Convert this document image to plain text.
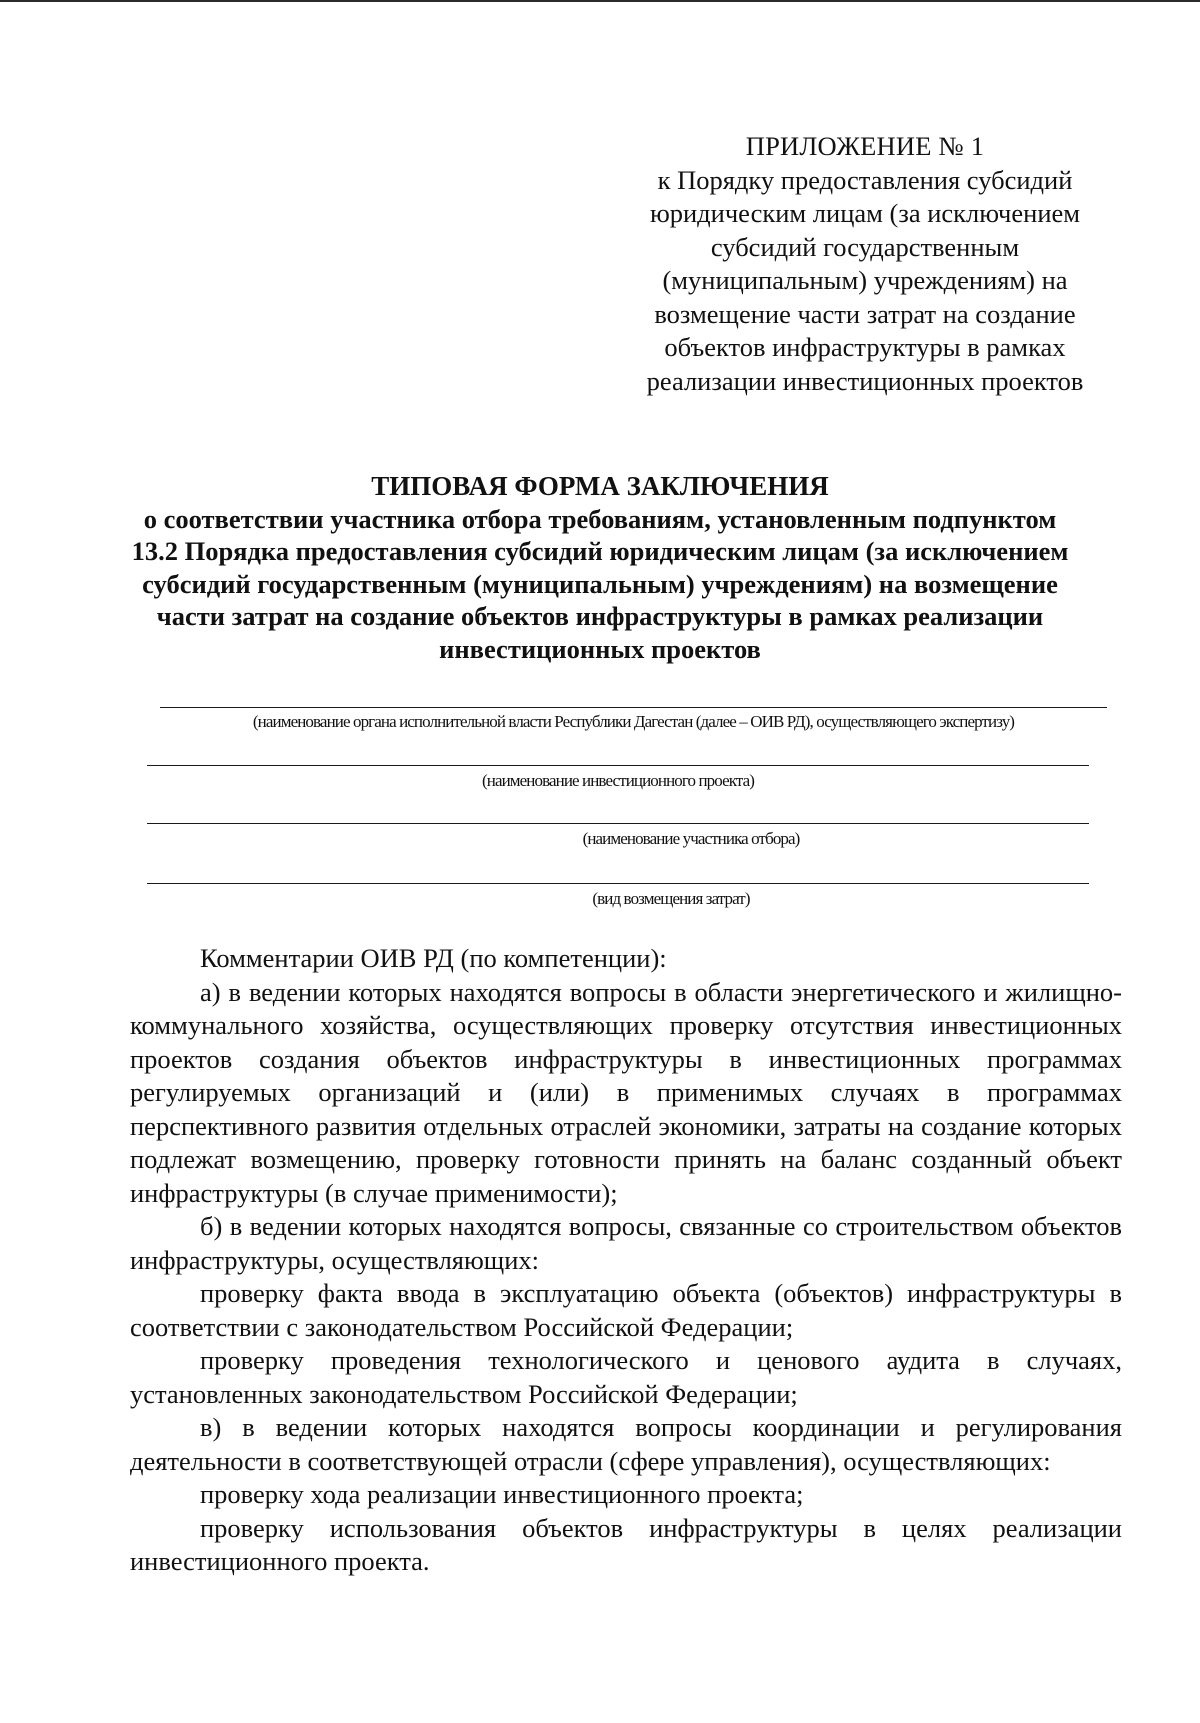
ПРИЛОЖЕНИЕ № 1
к Порядку предоставления субсидий юридическим лицам (за исключением субсидий государственным (муниципальным) учреждениям) на возмещение части затрат на создание объектов инфраструктуры в рамках реализации инвестиционных проектов
ТИПОВАЯ ФОРМА ЗАКЛЮЧЕНИЯ
о соответствии участника отбора требованиям, установленным подпунктом 13.2 Порядка предоставления субсидий юридическим лицам (за исключением субсидий государственным (муниципальным) учреждениям) на возмещение части затрат на создание объектов инфраструктуры в рамках реализации инвестиционных проектов
(наименование органа исполнительной власти Республики Дагестан (далее – ОИВ РД), осуществляющего экспертизу)
(наименование инвестиционного проекта)
(наименование участника отбора)
(вид возмещения затрат)

Комментарии ОИВ РД (по компетенции):

а) в ведении которых находятся вопросы в области энергетического и жилищно-коммунального хозяйства, осуществляющих проверку отсутствия инвестиционных проектов создания объектов инфраструктуры в инвестиционных программах регулируемых организаций и (или) в применимых случаях в программах перспективного развития отдельных отраслей экономики, затраты на создание которых подлежат возмещению, проверку готовности принять на баланс созданный объект инфраструктуры (в случае применимости);

б) в ведении которых находятся вопросы, связанные со строительством объектов инфраструктуры, осуществляющих:

проверку факта ввода в эксплуатацию объекта (объектов) инфраструктуры в соответствии с законодательством Российской Федерации;

проверку проведения технологического и ценового аудита в случаях, установленных законодательством Российской Федерации;

в) в ведении которых находятся вопросы координации и регулирования деятельности в соответствующей отрасли (сфере управления), осуществляющих:

проверку хода реализации инвестиционного проекта;

проверку использования объектов инфраструктуры в целях реализации инвестиционного проекта.
